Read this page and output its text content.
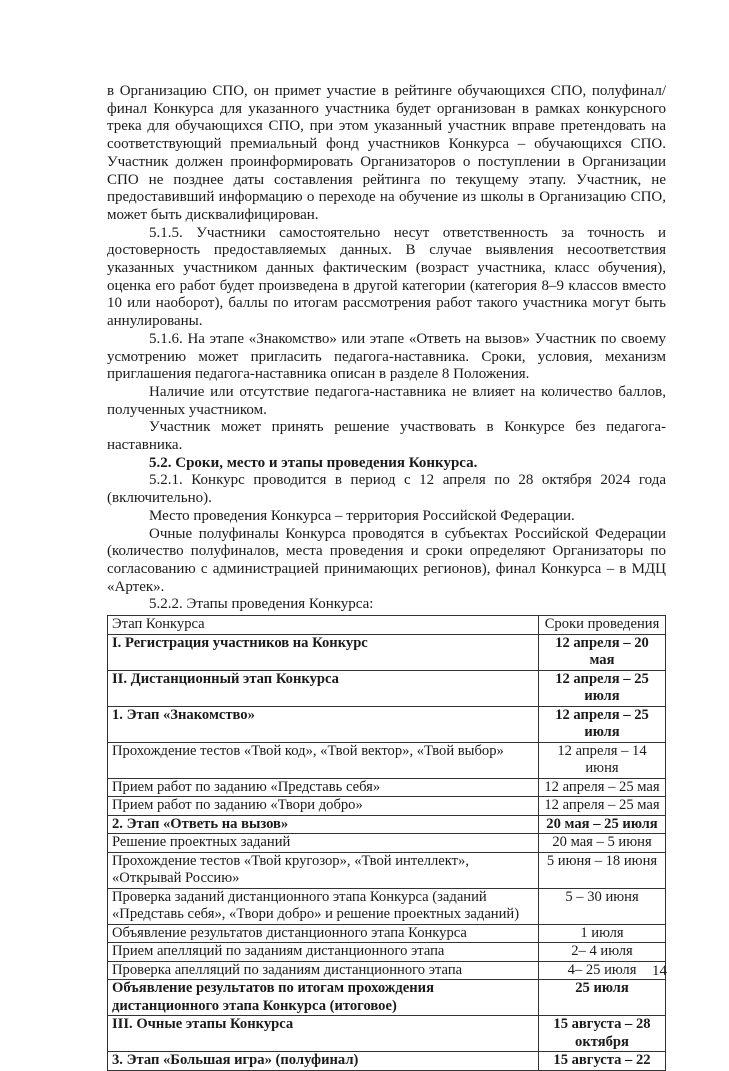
в Организацию СПО, он примет участие в рейтинге обучающихся СПО, полуфинал/финал Конкурса для указанного участника будет организован в рамках конкурсного трека для обучающихся СПО, при этом указанный участник вправе претендовать на соответствующий премиальный фонд участников Конкурса – обучающихся СПО. Участник должен проинформировать Организаторов о поступлении в Организации СПО не позднее даты составления рейтинга по текущему этапу. Участник, не предоставивший информацию о переходе на обучение из школы в Организацию СПО, может быть дисквалифицирован.

5.1.5. Участники самостоятельно несут ответственность за точность и достоверность предоставляемых данных. В случае выявления несоответствия указанных участником данных фактическим (возраст участника, класс обучения), оценка его работ будет произведена в другой категории (категория 8–9 классов вместо 10 или наоборот), баллы по итогам рассмотрения работ такого участника могут быть аннулированы.

5.1.6. На этапе «Знакомство» или этапе «Ответь на вызов» Участник по своему усмотрению может пригласить педагога-наставника. Сроки, условия, механизм приглашения педагога-наставника описан в разделе 8 Положения.

Наличие или отсутствие педагога-наставника не влияет на количество баллов, полученных участником.

Участник может принять решение участвовать в Конкурсе без педагога-наставника.

5.2. Сроки, место и этапы проведения Конкурса.

5.2.1. Конкурс проводится в период с 12 апреля по 28 октября 2024 года (включительно).

Место проведения Конкурса – территория Российской Федерации.

Очные полуфиналы Конкурса проводятся в субъектах Российской Федерации (количество полуфиналов, места проведения и сроки определяют Организаторы по согласованию с администрацией принимающих регионов), финал Конкурса – в МДЦ «Артек».

5.2.2. Этапы проведения Конкурса:

Этап Конкурса	Сроки проведения
I. Регистрация участников на Конкурс	12 апреля – 20 мая
II. Дистанционный этап Конкурса	12 апреля – 25 июля
1. Этап «Знакомство»	12 апреля – 25 июля
Прохождение тестов «Твой код», «Твой вектор», «Твой выбор»	12 апреля – 14 июня
Прием работ по заданию «Представь себя»	12 апреля – 25 мая
Прием работ по заданию «Твори добро»	12 апреля – 25 мая
2. Этап «Ответь на вызов»	20 мая – 25 июля
Решение проектных заданий	20 мая – 5 июня
Прохождение тестов «Твой кругозор», «Твой интеллект», «Открывай Россию»	5 июня – 18 июня
Проверка заданий дистанционного этапа Конкурса (заданий «Представь себя», «Твори добро» и решение проектных заданий)	5 – 30 июня
Объявление результатов дистанционного этапа Конкурса	1 июля
Прием апелляций по заданиям дистанционного этапа	2– 4 июля
Проверка апелляций по заданиям дистанционного этапа	4– 25 июля
Объявление результатов по итогам прохождения дистанционного этапа Конкурса (итоговое)	25 июля
III. Очные этапы Конкурса	15 августа – 28 октября
3. Этап «Большая игра» (полуфинал)	15 августа – 22
14
